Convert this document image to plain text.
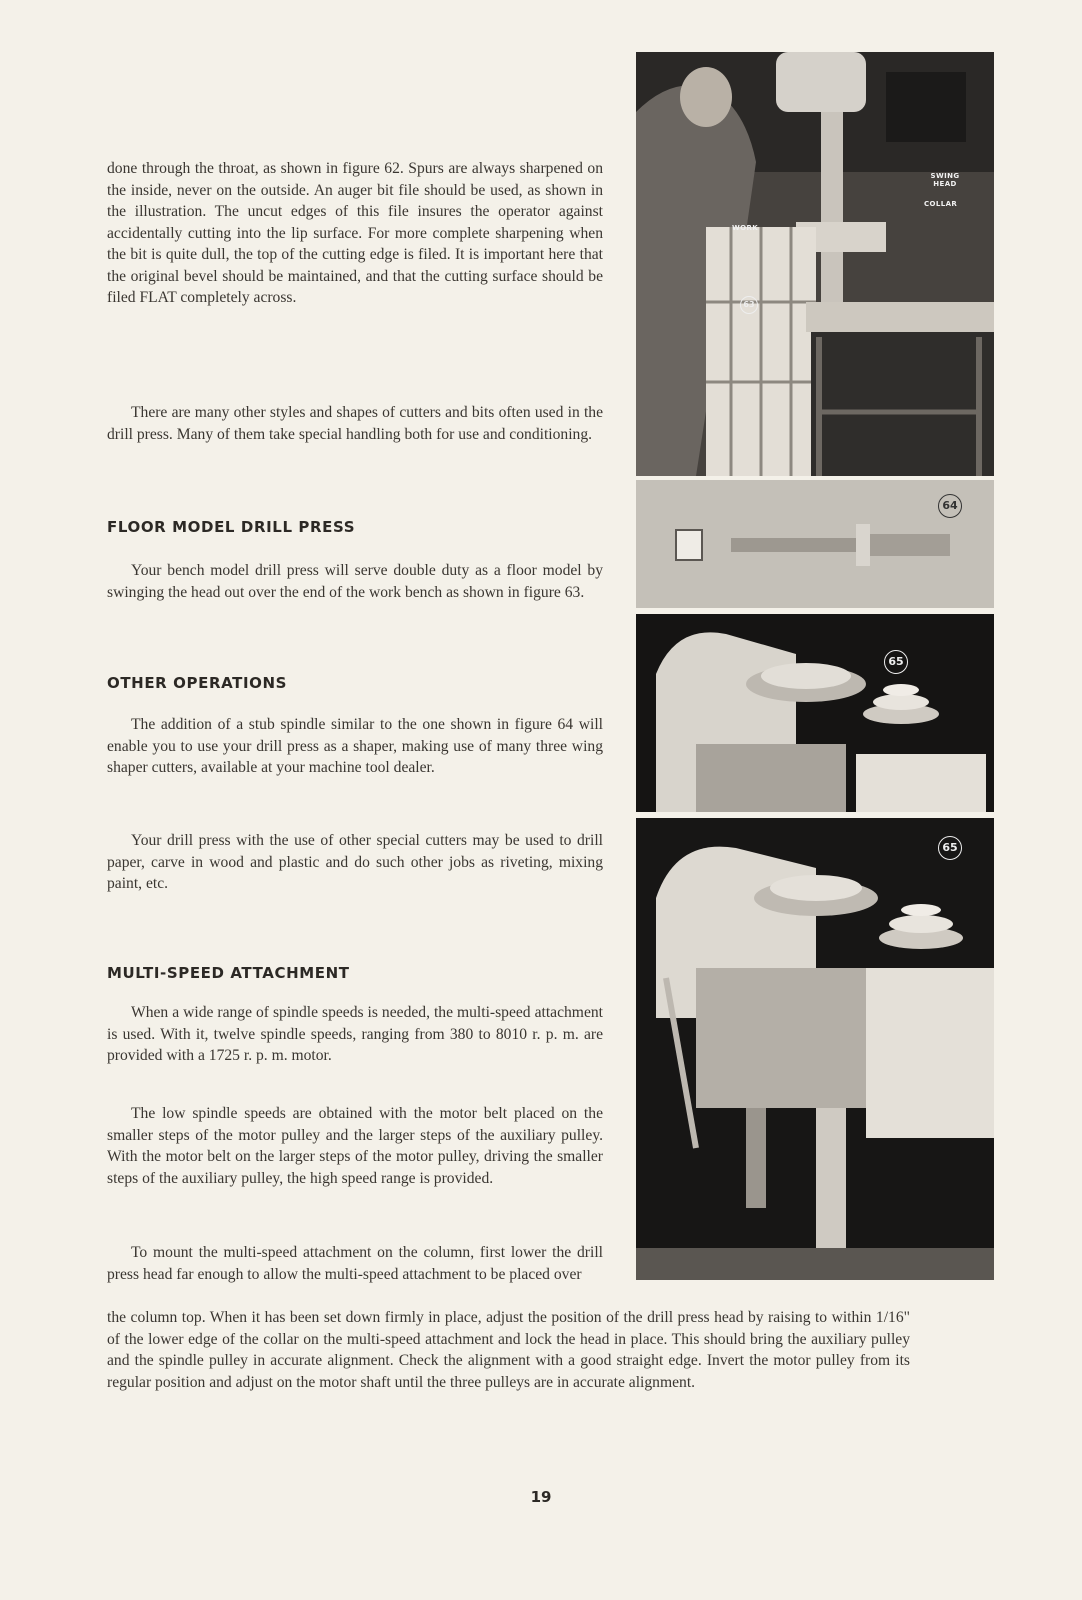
done through the throat, as shown in figure 62. Spurs are always sharpened on the inside, never on the outside. An auger bit file should be used, as shown in the illustration. The uncut edges of this file insures the operator against accidentally cutting into the lip surface. For more complete sharpening when the bit is quite dull, the top of the cutting edge is filed. It is important here that the original bevel should be maintained, and that the cutting surface should be filed FLAT completely across.

There are many other styles and shapes of cutters and bits often used in the drill press. Many of them take special handling both for use and conditioning.

FLOOR MODEL DRILL PRESS

Your bench model drill press will serve double duty as a floor model by swinging the head out over the end of the work bench as shown in figure 63.

OTHER OPERATIONS

The addition of a stub spindle similar to the one shown in figure 64 will enable you to use your drill press as a shaper, making use of many three wing shaper cutters, available at your machine tool dealer.

Your drill press with the use of other special cutters may be used to drill paper, carve in wood and plastic and do such other jobs as riveting, mixing paint, etc.

MULTI-SPEED ATTACHMENT

When a wide range of spindle speeds is needed, the multi-speed attachment is used. With it, twelve spindle speeds, ranging from 380 to 8010 r. p. m. are provided with a 1725 r. p. m. motor.

The low spindle speeds are obtained with the motor belt placed on the smaller steps of the motor pulley and the larger steps of the auxiliary pulley. With the motor belt on the larger steps of the motor pulley, driving the smaller steps of the auxiliary pulley, the high speed range is provided.

To mount the multi-speed attachment on the column, first lower the drill press head far enough to allow the multi-speed attachment to be placed over

the column top. When it has been set down firmly in place, adjust the position of the drill press head by raising to within 1/16" of the lower edge of the collar on the multi-speed attachment and lock the head in place. This should bring the auxiliary pulley and the spindle pulley in accurate alignment. Check the alignment with a good straight edge. Invert the motor pulley from its regular position and adjust on the motor shaft until the three pulleys are in accurate alignment.

63
WORK
SWING HEAD
COLLAR
64
65
65
19
